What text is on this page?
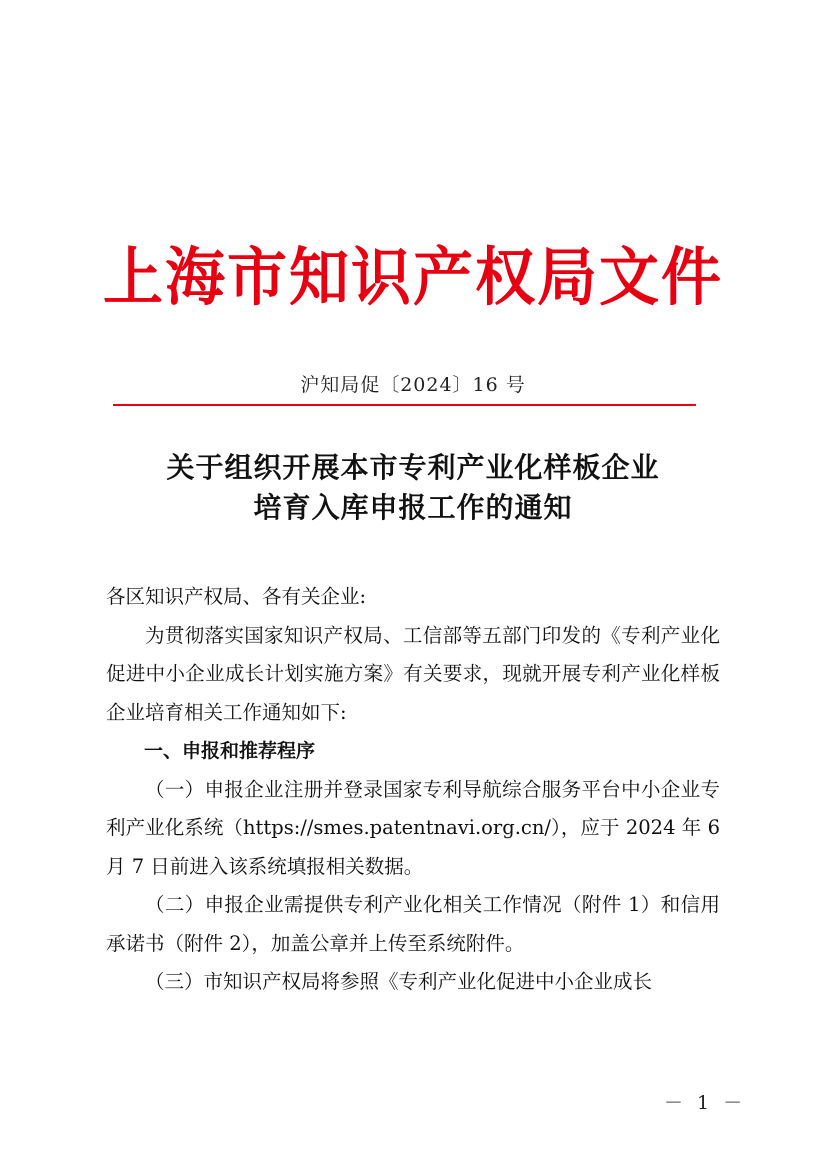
上海市知识产权局文件
沪知局促〔2024〕16 号
关于组织开展本市专利产业化样板企业
培育入库申报工作的通知

各区知识产权局、各有关企业:

为贯彻落实国家知识产权局、工信部等五部门印发的《专利产业化促进中小企业成长计划实施方案》有关要求，现就开展专利产业化样板企业培育相关工作通知如下:

一、申报和推荐程序

（一）申报企业注册并登录国家专利导航综合服务平台中小企业专利产业化系统（https://smes.patentnavi.org.cn/），应于 2024 年 6 月 7 日前进入该系统填报相关数据。

（二）申报企业需提供专利产业化相关工作情况（附件 1）和信用承诺书（附件 2），加盖公章并上传至系统附件。

（三）市知识产权局将参照《专利产业化促进中小企业成长

－ 1 －
